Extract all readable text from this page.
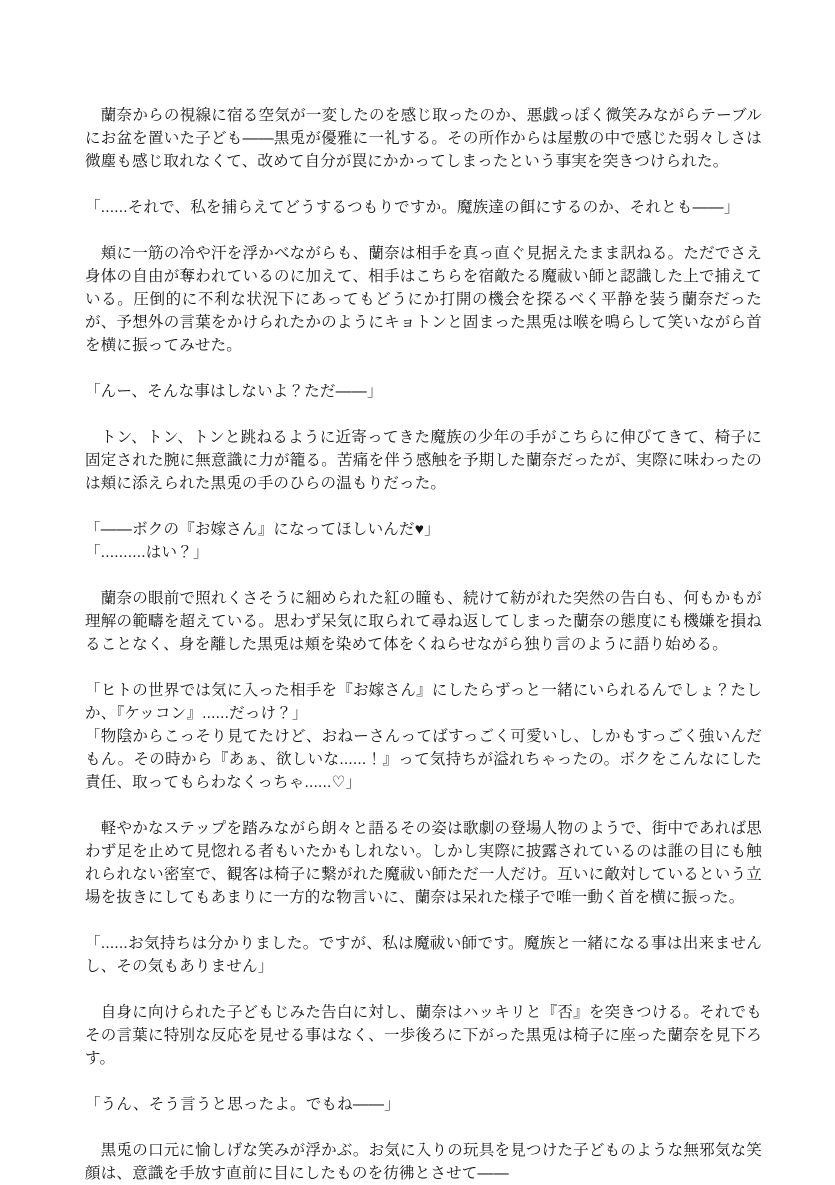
　蘭奈からの視線に宿る空気が一変したのを感じ取ったのか、悪戯っぽく微笑みながらテーブルにお盆を置いた子ども――黒兎が優雅に一礼する。その所作からは屋敷の中で感じた弱々しさは微塵も感じ取れなくて、改めて自分が罠にかかってしまったという事実を突きつけられた。

「......それで、私を捕らえてどうするつもりですか。魔族達の餌にするのか、それとも――」

　頬に一筋の冷や汗を浮かべながらも、蘭奈は相手を真っ直ぐ見据えたまま訊ねる。ただでさえ身体の自由が奪われているのに加えて、相手はこちらを宿敵たる魔祓い師と認識した上で捕えている。圧倒的に不利な状況下にあってもどうにか打開の機会を探るべく平静を装う蘭奈だったが、予想外の言葉をかけられたかのようにキョトンと固まった黒兎は喉を鳴らして笑いながら首を横に振ってみせた。

「んー、そんな事はしないよ？ただ――」

　トン、トン、トンと跳ねるように近寄ってきた魔族の少年の手がこちらに伸びてきて、椅子に固定された腕に無意識に力が籠る。苦痛を伴う感触を予期した蘭奈だったが、実際に味わったのは頬に添えられた黒兎の手のひらの温もりだった。

「――ボクの『お嫁さん』になってほしいんだ♥」

「..........はい？」

　蘭奈の眼前で照れくさそうに細められた紅の瞳も、続けて紡がれた突然の告白も、何もかもが理解の範疇を超えている。思わず呆気に取られて尋ね返してしまった蘭奈の態度にも機嫌を損ねることなく、身を離した黒兎は頬を染めて体をくねらせながら独り言のように語り始める。

「ヒトの世界では気に入った相手を『お嫁さん』にしたらずっと一緒にいられるんでしょ？たしか、『ケッコン』......だっけ？」

「物陰からこっそり見てたけど、おねーさんってばすっごく可愛いし、しかもすっごく強いんだもん。その時から『あぁ、欲しいな......！』って気持ちが溢れちゃったの。ボクをこんなにした責任、取ってもらわなくっちゃ......♡」

　軽やかなステップを踏みながら朗々と語るその姿は歌劇の登場人物のようで、街中であれば思わず足を止めて見惚れる者もいたかもしれない。しかし実際に披露されているのは誰の目にも触れられない密室で、観客は椅子に繋がれた魔祓い師ただ一人だけ。互いに敵対しているという立場を抜きにしてもあまりに一方的な物言いに、蘭奈は呆れた様子で唯一動く首を横に振った。

「......お気持ちは分かりました。ですが、私は魔祓い師です。魔族と一緒になる事は出来ませんし、その気もありません」

　自身に向けられた子どもじみた告白に対し、蘭奈はハッキリと『否』を突きつける。それでもその言葉に特別な反応を見せる事はなく、一歩後ろに下がった黒兎は椅子に座った蘭奈を見下ろす。

「うん、そう言うと思ったよ。でもね――」

　黒兎の口元に愉しげな笑みが浮かぶ。お気に入りの玩具を見つけた子どものような無邪気な笑顔は、意識を手放す直前に目にしたものを彷彿とさせて――
